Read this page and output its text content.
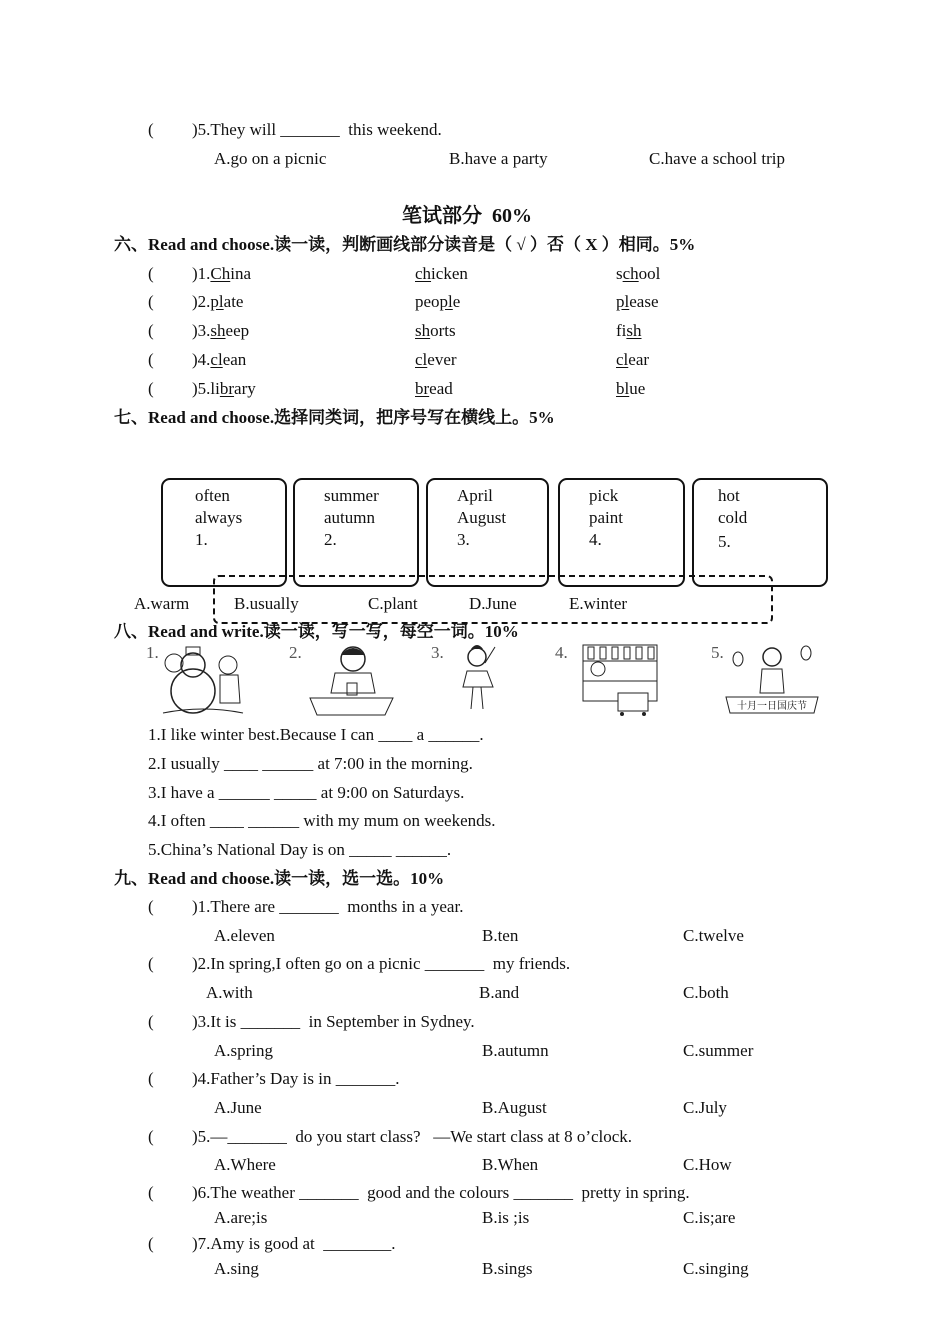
( )5.They will _______  this weekend.
A.go on a picnic	B.have a party	C.have a school trip
笔试部分  60%
六、Read and choose.读一读，判断画线部分读音是（ √ ）否（ X ）相同。5%
七、Read and choose.选择同类词，把序号写在横线上。5%
八、Read and write.读一读，写一写，每空一词。10%
1.	2.	3.	4.	5.
十月一日国庆节
九、Read and choose.读一读，选一选。10%
( )1.China	chicken	school
( )2.plate	people	please
( )3.sheep	shorts	fish
( )4.clean	clever	clear
( )5.library	bread	blue
often
always
1.
summer
autumn
2.
April
August
3.
pick
paint
4.
hot
cold
5.
A.warm	B.usually	C.plant	D.June	E.winter
1.I like winter best.Because I can ____ a ______.
2.I usually ____ ______ at 7:00 in the morning.
3.I have a ______ _____ at 9:00 on Saturdays.
4.I often ____ ______ with my mum on weekends.
5.China’s National Day is on _____ ______.
( )1.There are _______  months in a year.
A.eleven	B.ten	C.twelve
( )2.In spring,I often go on a picnic _______  my friends.
A.with	B.and	C.both
( )3.It is _______  in September in Sydney.
A.spring	B.autumn	C.summer
( )4.Father’s Day is in _______.
A.June	B.August	C.July
( )5.—_______  do you start class?   —We start class at 8 o’clock.
A.Where	B.When	C.How
( )6.The weather _______  good and the colours _______  pretty in spring.
A.are;is	B.is ;is	C.is;are
( )7.Amy is good at  ________.
A.sing	B.sings	C.singing
